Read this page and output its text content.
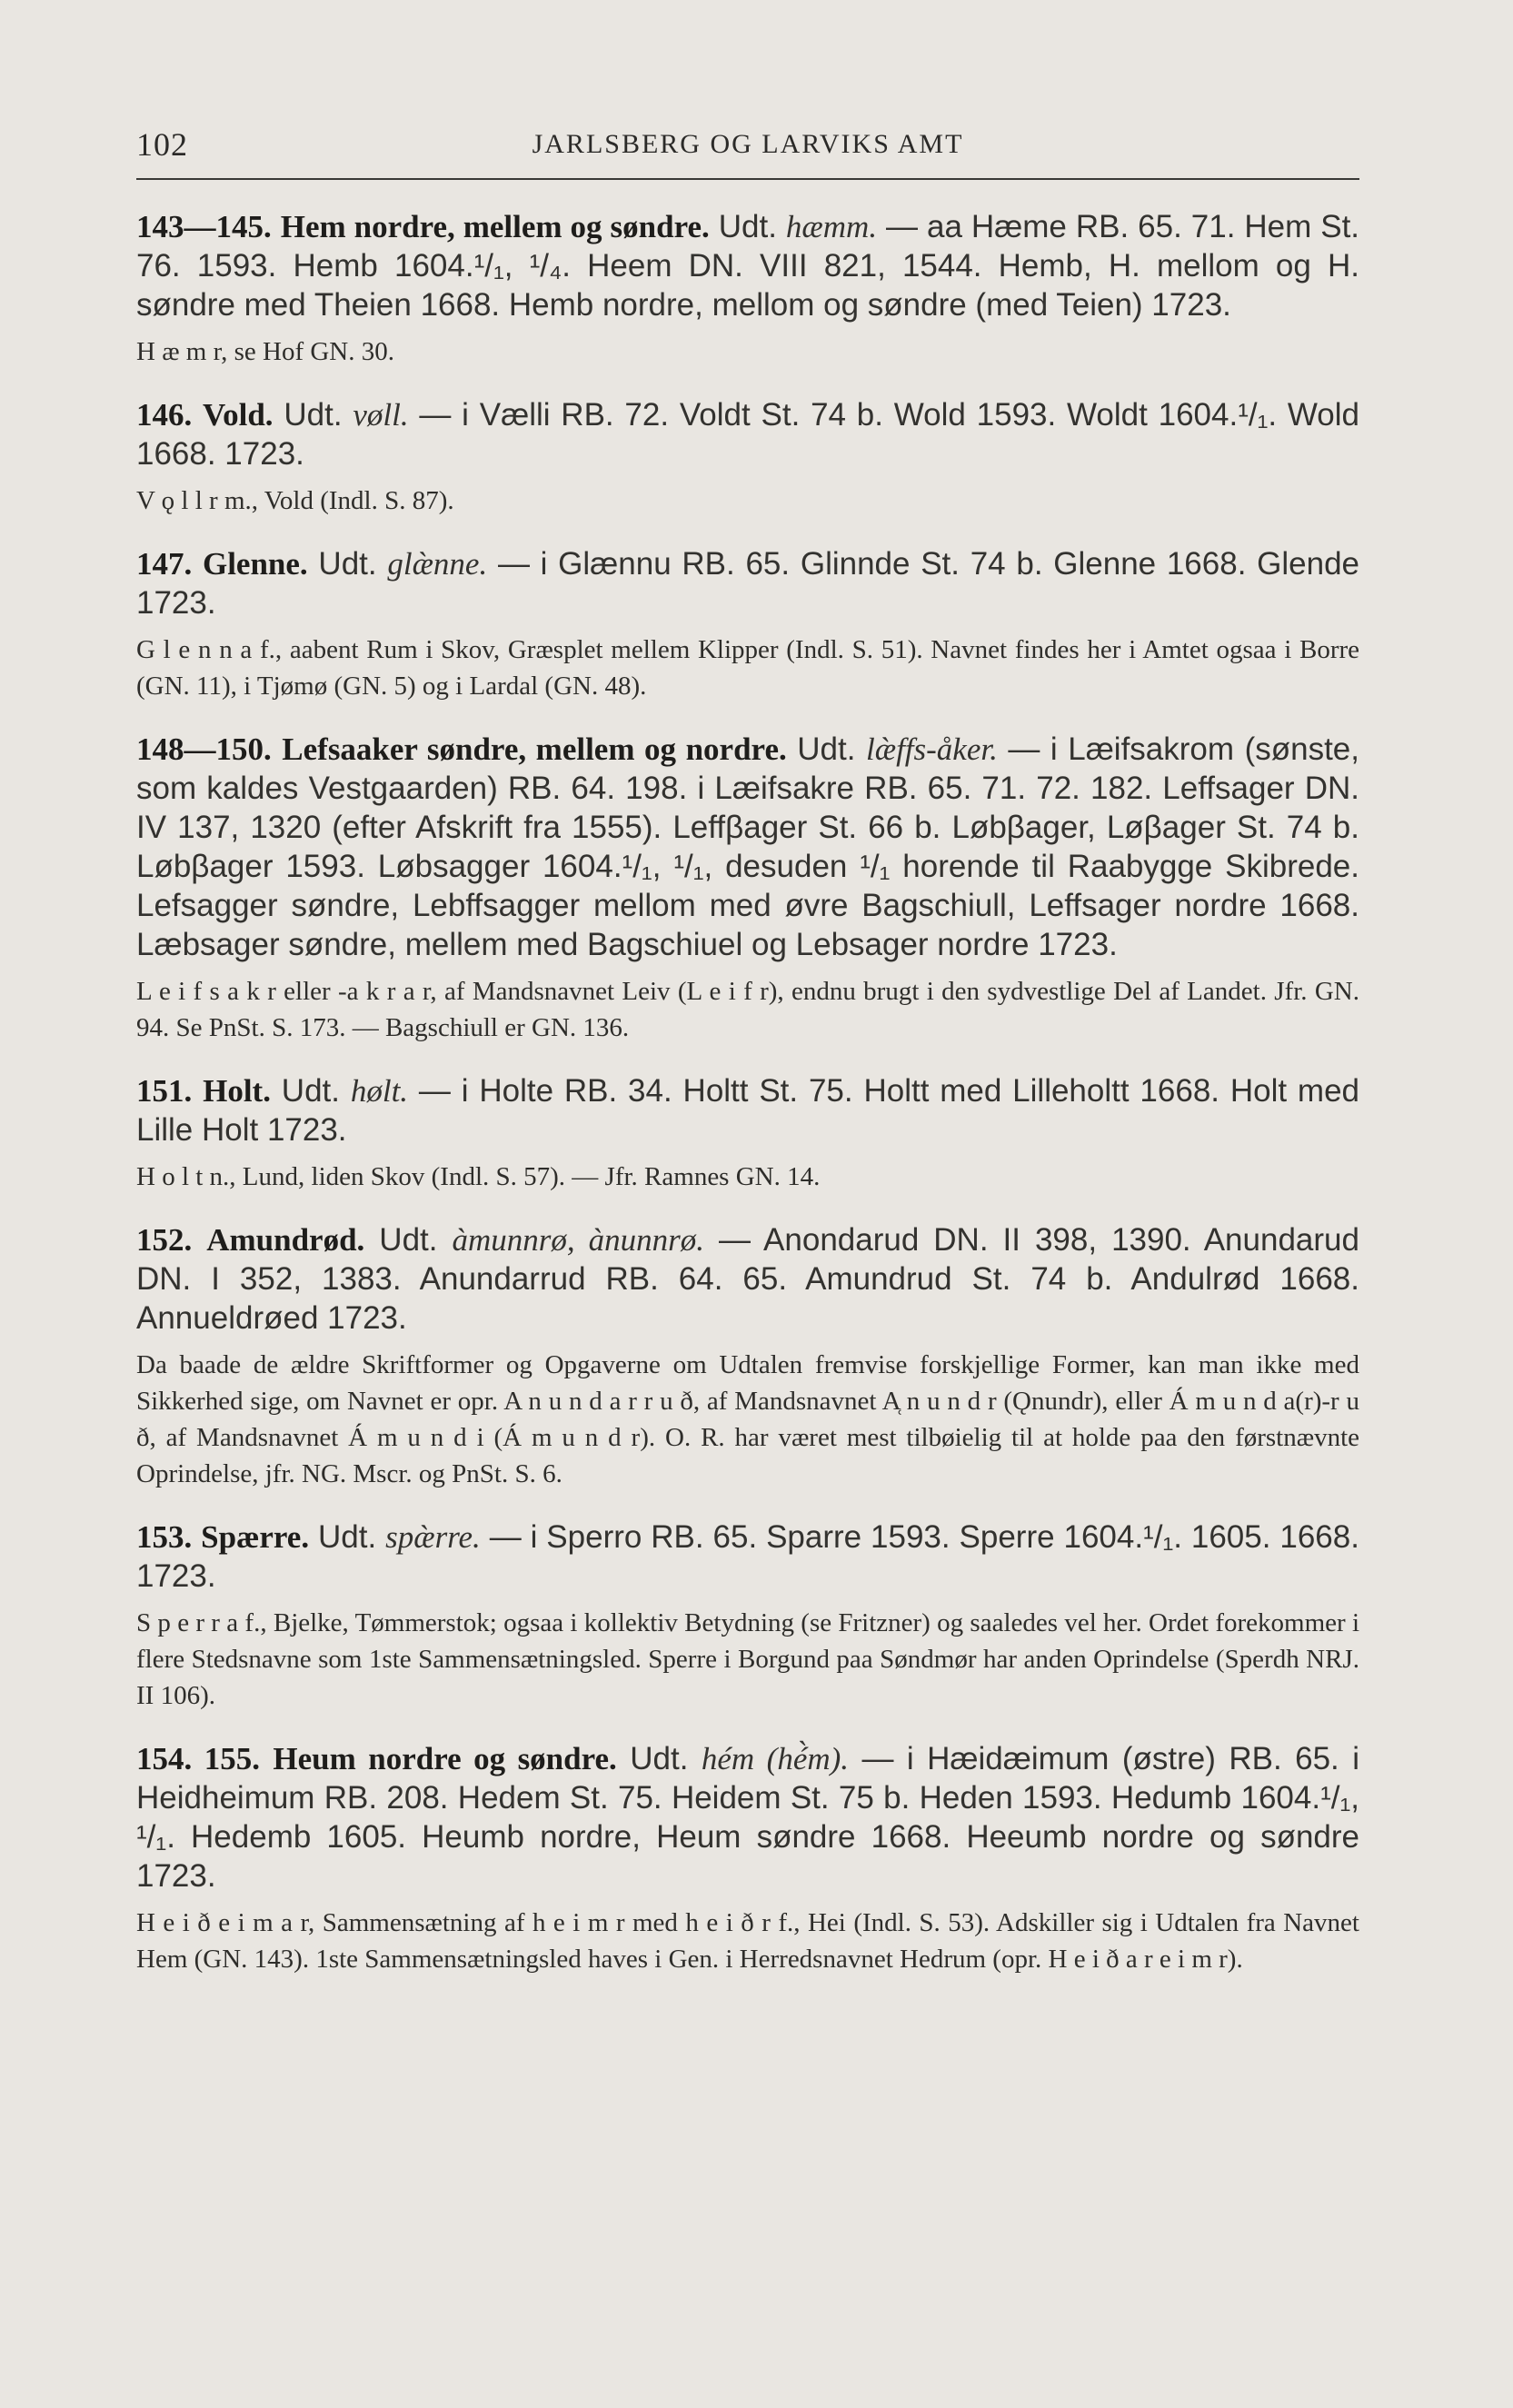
102	JARLSBERG OG LARVIKS AMT

143—145. Hem nordre, mellem og søndre. Udt. hæmm. — aa Hæme RB. 65. 71. Hem St. 76. 1593. Hemb 1604.¹/₁, ¹/₄. Heem DN. VIII 821, 1544. Hemb, H. mellom og H. søndre med Theien 1668. Hemb nordre, mellom og søndre (med Teien) 1723.

H æ m r, se Hof GN. 30.

146. Vold. Udt. vøll. — i Vælli RB. 72. Voldt St. 74 b. Wold 1593. Woldt 1604.¹/₁. Wold 1668. 1723.

V ǫ l l r m., Vold (Indl. S. 87).

147. Glenne. Udt. glæ̀nne. — i Glænnu RB. 65. Glinnde St. 74 b. Glenne 1668. Glende 1723.

G l e n n a f., aabent Rum i Skov, Græsplet mellem Klipper (Indl. S. 51). Navnet findes her i Amtet ogsaa i Borre (GN. 11), i Tjømø (GN. 5) og i Lardal (GN. 48).

148—150. Lefsaaker søndre, mellem og nordre. Udt. læ̀ffs-åker. — i Læifsakrom (sønste, som kaldes Vestgaarden) RB. 64. 198. i Læifsakre RB. 65. 71. 72. 182. Leffsager DN. IV 137, 1320 (efter Afskrift fra 1555). Leffβager St. 66 b. Løbβager, Løβager St. 74 b. Løbβager 1593. Løbsagger 1604.¹/₁, ¹/₁, desuden ¹/₁ horende til Raabygge Skibrede. Lefsagger søndre, Lebffsagger mellom med øvre Bagschiull, Leffsager nordre 1668. Læbsager søndre, mellem med Bagschiuel og Lebsager nordre 1723.

L e i f s a k r eller -a k r a r, af Mandsnavnet Leiv (L e i f r), endnu brugt i den sydvestlige Del af Landet. Jfr. GN. 94. Se PnSt. S. 173. — Bagschiull er GN. 136.

151. Holt. Udt. hølt. — i Holte RB. 34. Holtt St. 75. Holtt med Lilleholtt 1668. Holt med Lille Holt 1723.

H o l t n., Lund, liden Skov (Indl. S. 57). — Jfr. Ramnes GN. 14.

152. Amundrød. Udt. àmunnrø, ànunnrø. — Anondarud DN. II 398, 1390. Anundarud DN. I 352, 1383. Anundarrud RB. 64. 65. Amundrud St. 74 b. Andulrød 1668. Annueldrøed 1723.

Da baade de ældre Skriftformer og Opgaverne om Udtalen fremvise forskjellige Former, kan man ikke med Sikkerhed sige, om Navnet er opr. A n u n d a r r u ð, af Mandsnavnet A̜ n u n d r (Ǫnundr), eller Á m u n d a(r)-r u ð, af Mandsnavnet Á m u n d i (Á m u n d r). O. R. har været mest tilbøielig til at holde paa den førstnævnte Oprindelse, jfr. NG. Mscr. og PnSt. S. 6.

153. Spærre. Udt. spæ̀rre. — i Sperro RB. 65. Sparre 1593. Sperre 1604.¹/₁. 1605. 1668. 1723.

S p e r r a f., Bjelke, Tømmerstok; ogsaa i kollektiv Betydning (se Fritzner) og saaledes vel her. Ordet forekommer i flere Stedsnavne som 1ste Sammensætningsled. Sperre i Borgund paa Søndmør har anden Oprindelse (Sperdh NRJ. II 106).

154. 155. Heum nordre og søndre. Udt. hém (hé̀m). — i Hæidæimum (østre) RB. 65. i Heidheimum RB. 208. Hedem St. 75. Heidem St. 75 b. Heden 1593. Hedumb 1604.¹/₁, ¹/₁. Hedemb 1605. Heumb nordre, Heum søndre 1668. Heeumb nordre og søndre 1723.

H e i ð e i m a r, Sammensætning af h e i m r med h e i ð r f., Hei (Indl. S. 53). Adskiller sig i Udtalen fra Navnet Hem (GN. 143). 1ste Sammensætningsled haves i Gen. i Herredsnavnet Hedrum (opr. H e i ð a r e i m r).
